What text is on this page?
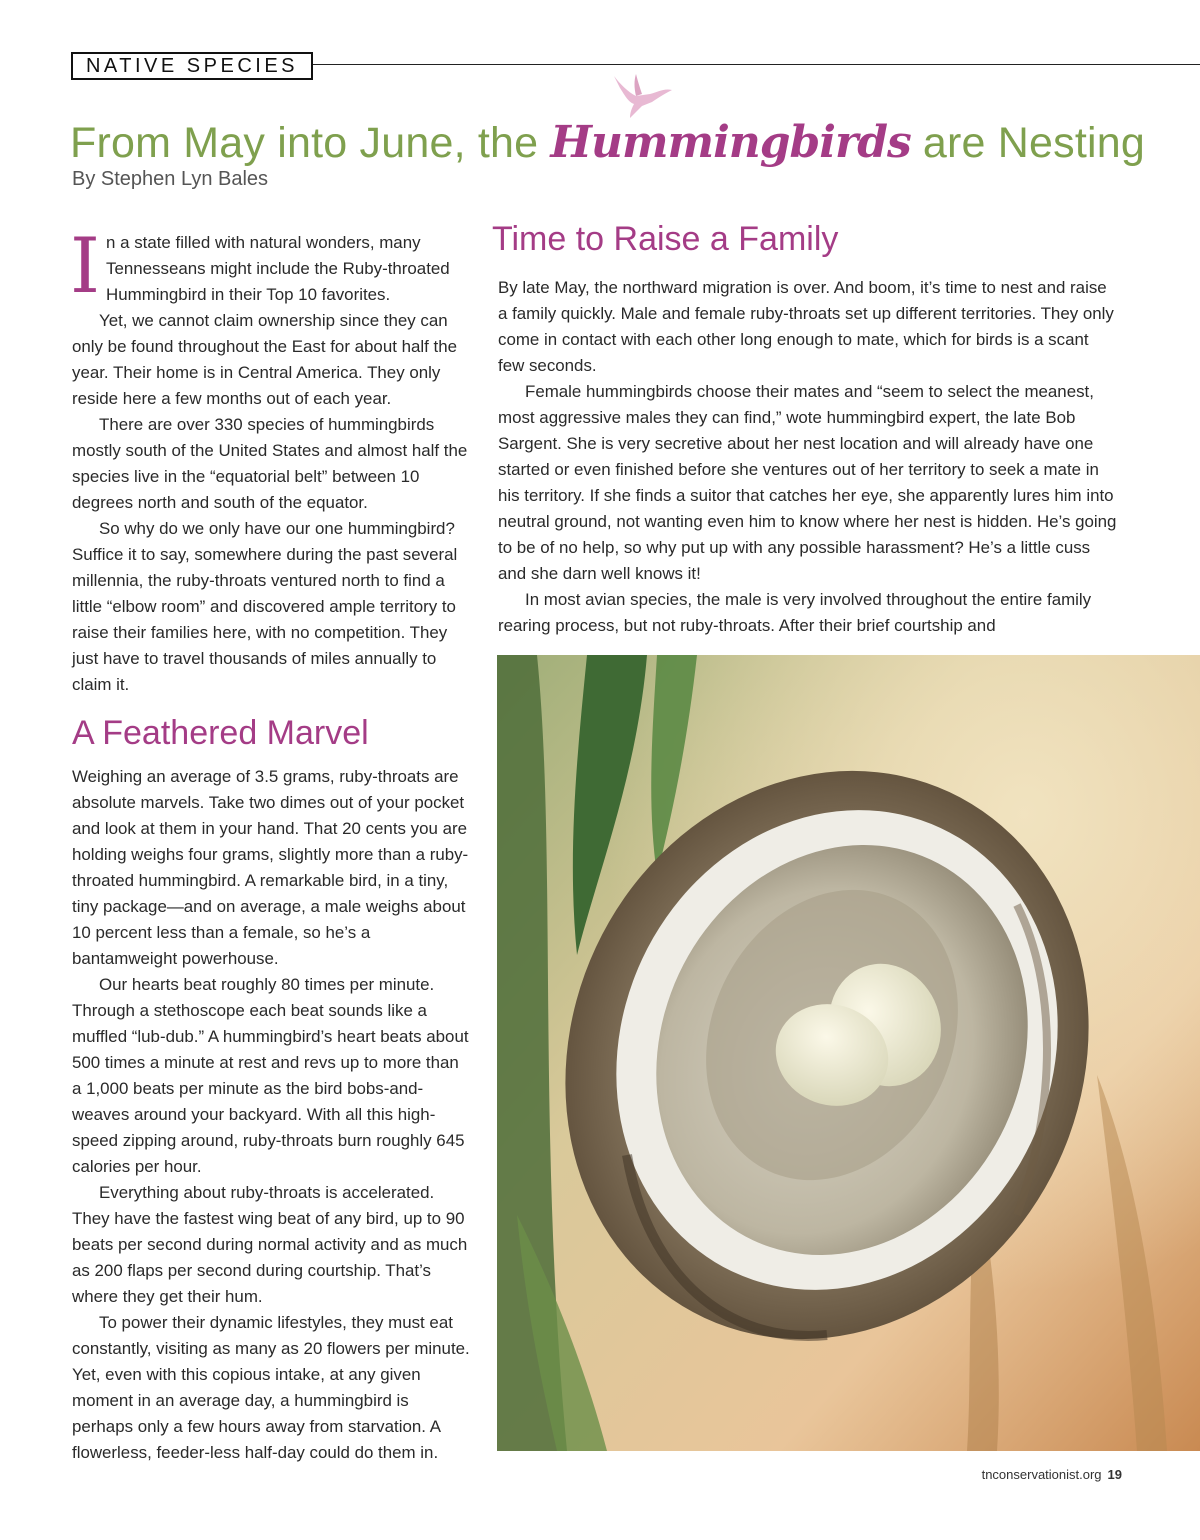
NATIVE SPECIES
From May into June, the Hummingbirds are Nesting
By Stephen Lyn Bales

In a state filled with natural wonders, many Tennesseans might include the Ruby-throated Hummingbird in their Top 10 favorites.

Yet, we cannot claim ownership since they can only be found throughout the East for about half the year. Their home is in Central America. They only reside here a few months out of each year.

There are over 330 species of hummingbirds mostly south of the United States and almost half the species live in the “equatorial belt” between 10 degrees north and south of the equator.

So why do we only have our one hummingbird? Suffice it to say, somewhere during the past several millennia, the ruby-throats ventured north to find a little “elbow room” and discovered ample territory to raise their families here, with no competition. They just have to travel thousands of miles annually to claim it.

A Feathered Marvel

Weighing an average of 3.5 grams, ruby-throats are absolute marvels. Take two dimes out of your pocket and look at them in your hand. That 20 cents you are holding weighs four grams, slightly more than a ruby-throated hummingbird. A remarkable bird, in a tiny, tiny package—and on average, a male weighs about 10 percent less than a female, so he’s a bantamweight powerhouse.

Our hearts beat roughly 80 times per minute. Through a stethoscope each beat sounds like a muffled “lub-dub.” A hummingbird’s heart beats about 500 times a minute at rest and revs up to more than a 1,000 beats per minute as the bird bobs-and-weaves around your backyard. With all this high-speed zipping around, ruby-throats burn roughly 645 calories per hour.

Everything about ruby-throats is accelerated. They have the fastest wing beat of any bird, up to 90 beats per second during normal activity and as much as 200 flaps per second during courtship. That’s where they get their hum.

To power their dynamic lifestyles, they must eat constantly, visiting as many as 20 flowers per minute. Yet, even with this copious intake, at any given moment in an average day, a hummingbird is perhaps only a few hours away from starvation. A flowerless, feeder-less half-day could do them in.

Time to Raise a Family

By late May, the northward migration is over. And boom, it’s time to nest and raise a family quickly. Male and female ruby-throats set up different territories. They only come in contact with each other long enough to mate, which for birds is a scant few seconds.

Female hummingbirds choose their mates and “seem to select the meanest, most aggressive males they can find,” wote hummingbird expert, the late Bob Sargent. She is very secretive about her nest location and will already have one started or even finished before she ventures out of her territory to seek a mate in his territory. If she finds a suitor that catches her eye, she apparently lures him into neutral ground, not wanting even him to know where her nest is hidden. He’s going to be of no help, so why put up with any possible harassment? He’s a little cuss and she darn well knows it!

In most avian species, the male is very involved throughout the entire family rearing process, but not ruby-throats. After their brief courtship and

tnconservationist.org 19
